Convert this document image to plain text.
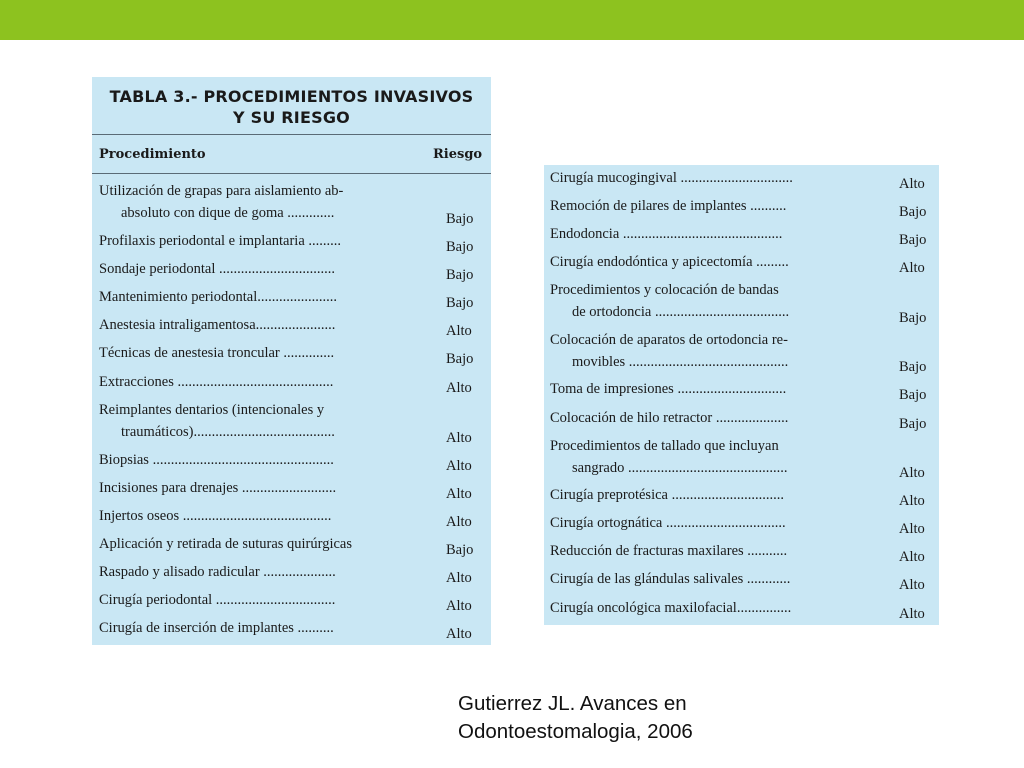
TABLA 3.- PROCEDIMIENTOS INVASIVOS
Y SU RIESGO
Procedimiento	Riesgo
Utilización de grapas para aislamiento ab-
absoluto con dique de goma .............	Bajo
Profilaxis periodontal e implantaria .........	Bajo
Sondaje periodontal ................................	Bajo
Mantenimiento periodontal......................	Bajo
Anestesia intraligamentosa......................	Alto
Técnicas de anestesia troncular ..............	Bajo
Extracciones ...........................................	Alto
Reimplantes dentarios (intencionales y
traumáticos).......................................	Alto
Biopsias ..................................................	Alto
Incisiones para drenajes ..........................	Alto
Injertos oseos .........................................	Alto
Aplicación y retirada de suturas quirúrgicas	Bajo
Raspado y alisado radicular ....................	Alto
Cirugía periodontal .................................	Alto
Cirugía de inserción de implantes ..........	Alto
Cirugía mucogingival ...............................	Alto
Remoción de pilares de implantes ..........	Bajo
Endodoncia ............................................	Bajo
Cirugía endodóntica y apicectomía .........	Alto
Procedimientos y colocación de bandas
de ortodoncia .....................................	Bajo
Colocación de aparatos de ortodoncia re-
movibles ............................................	Bajo
Toma de impresiones ..............................	Bajo
Colocación de hilo retractor ....................	Bajo
Procedimientos de tallado que incluyan
sangrado ............................................	Alto
Cirugía preprotésica ...............................	Alto
Cirugía ortognática .................................	Alto
Reducción de fracturas maxilares ...........	Alto
Cirugía de las glándulas salivales ............	Alto
Cirugía oncológica maxilofacial...............	Alto
Gutierrez JL. Avances en
Odontoestomalogia, 2006
